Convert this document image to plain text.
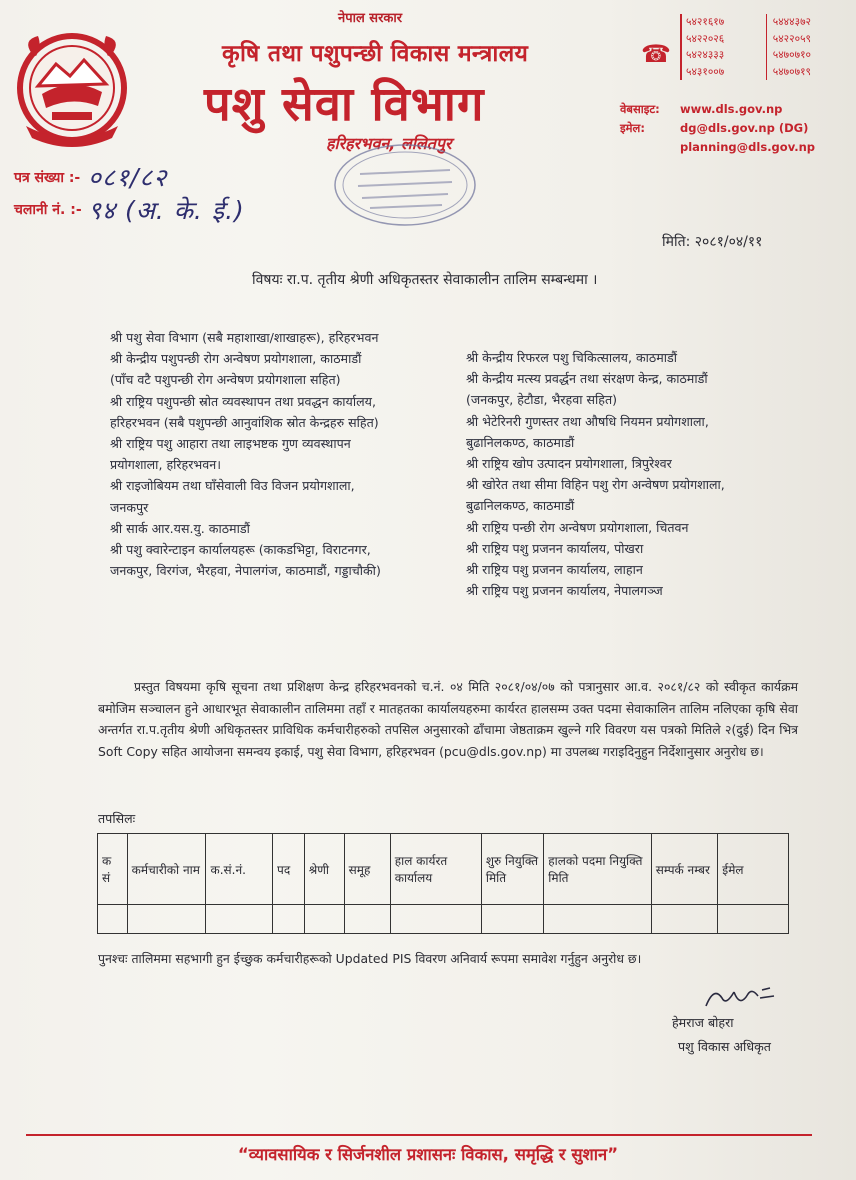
नेपाल सरकार
कृषि तथा पशुपन्छी विकास मन्त्रालय
पशु सेवा विभाग
हरिहरभवन, ललितपुर
☎
५४२१६१७	५४४४३७२
५४२२०२६	५४२२०५९
५४२४३३३	५४७०७१०
५४३१००७	५४७०७१९
वेबसाइट: www.dls.gov.np
इमेल:	dg@dls.gov.np (DG)
planning@dls.gov.np
पत्र संख्या :- ०८१/८२
चलानी नं. :- ९४ (अ. के. ई.)
मिति: २०८१/०४/११
विषयः रा.प. तृतीय श्रेणी अधिकृतस्तर सेवाकालीन तालिम सम्बन्धमा ।
श्री पशु सेवा विभाग (सबै महाशाखा/शाखाहरू), हरिहरभवन
श्री केन्द्रीय पशुपन्छी रोग अन्वेषण प्रयोगशाला, काठमाडौं
(पाँच वटै पशुपन्छी रोग अन्वेषण प्रयोगशाला सहित)
श्री राष्ट्रिय पशुपन्छी स्रोत व्यवस्थापन तथा प्रवद्धन कार्यालय,
हरिहरभवन (सबै पशुपन्छी आनुवांशिक स्रोत केन्द्रहरु सहित)
श्री राष्ट्रिय पशु आहारा तथा लाइभष्टक गुण व्यवस्थापन
प्रयोगशाला, हरिहरभवन।
श्री राइजोबियम तथा घाँसेवाली विउ विजन प्रयोगशाला,
जनकपुर
श्री सार्क आर.यस.यु. काठमाडौं
श्री पशु क्वारेन्टाइन कार्यालयहरू (काकडभिट्टा, विराटनगर,
जनकपुर, विरगंज, भैरहवा, नेपालगंज, काठमाडौं, गड्डाचौकी)
श्री केन्द्रीय रिफरल पशु चिकित्सालय, काठमाडौं
श्री केन्द्रीय मत्स्य प्रवर्द्धन तथा संरक्षण केन्द्र, काठमाडौं
(जनकपुर, हेटौडा, भैरहवा सहित)
श्री भेटेरिनरी गुणस्तर तथा औषधि नियमन प्रयोगशाला,
बुढानिलकण्ठ, काठमाडौं
श्री राष्ट्रिय खोप उत्पादन प्रयोगशाला, त्रिपुरेश्वर
श्री खोरेत तथा सीमा विहिन पशु रोग अन्वेषण प्रयोगशाला,
बुढानिलकण्ठ, काठमाडौं
श्री राष्ट्रिय पन्छी रोग अन्वेषण प्रयोगशाला, चितवन
श्री राष्ट्रिय पशु प्रजनन कार्यालय, पोखरा
श्री राष्ट्रिय पशु प्रजनन कार्यालय, लाहान
श्री राष्ट्रिय पशु प्रजनन कार्यालय, नेपालगञ्ज
प्रस्तुत विषयमा कृषि सूचना तथा प्रशिक्षण केन्द्र हरिहरभवनको च.नं. ०४ मिति २०८१/०४/०७ को पत्रानुसार आ.व. २०८१/८२ को स्वीकृत कार्यक्रम बमोजिम सञ्चालन हुने आधारभूत सेवाकालीन तालिममा तहाँ र मातहतका कार्यालयहरुमा कार्यरत हालसम्म उक्त पदमा सेवाकालिन तालिम नलिएका कृषि सेवा अन्तर्गत रा.प.तृतीय श्रेणी अधिकृतस्तर प्राविधिक कर्मचारीहरुको तपसिल अनुसारको ढाँचामा जेष्ठताक्रम खुल्ने गरि विवरण यस पत्रको मितिले २(दुई) दिन भित्र Soft Copy सहित आयोजना समन्वय इकाई, पशु सेवा विभाग, हरिहरभवन (pcu@dls.gov.np) मा उपलब्ध गराइदिनुहुन निर्देशानुसार अनुरोध छ।
तपसिलः
क सं	कर्मचारीको नाम	क.सं.नं.	पद	श्रेणी	समूह	हाल कार्यरत कार्यालय	शुरु नियुक्ति मिति	हालको पदमा नियुक्ति मिति	सम्पर्क नम्बर	ईमेल

पुनश्चः तालिममा सहभागी हुन ईच्छुक कर्मचारीहरूको Updated PIS विवरण अनिवार्य रूपमा समावेश गर्नुहुन अनुरोध छ।
हेमराज बोहरा
पशु विकास अधिकृत
“व्यावसायिक र सिर्जनशील प्रशासनः विकास, समृद्धि र सुशान”
